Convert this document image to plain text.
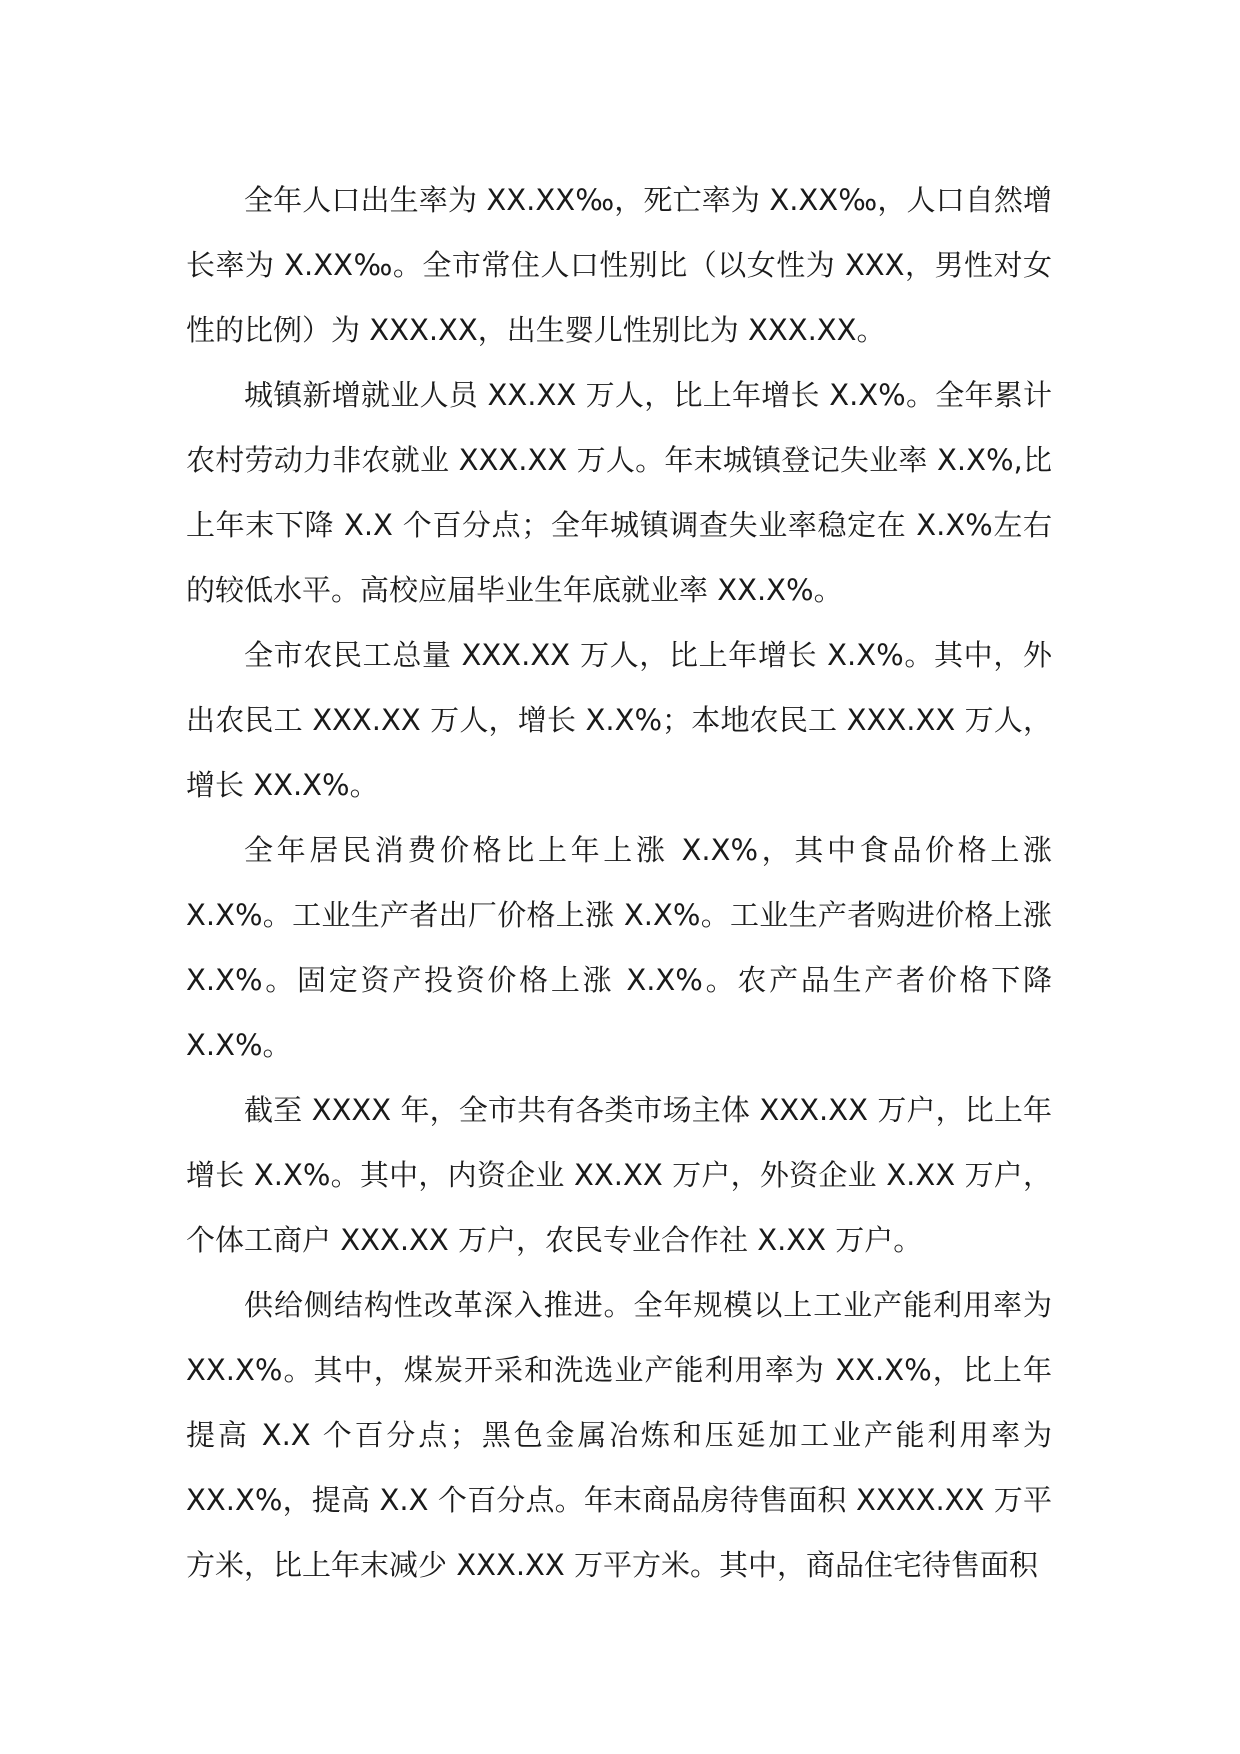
全年人口出生率为 XX.XX‰，死亡率为 X.XX‰，人口自然增长率为 X.XX‰。全市常住人口性别比（以女性为 XXX，男性对女性的比例）为 XXX.XX，出生婴儿性别比为 XXX.XX。

城镇新增就业人员 XX.XX 万人，比上年增长 X.X%。全年累计农村劳动力非农就业 XXX.XX 万人。年末城镇登记失业率 X.X%,比上年末下降 X.X 个百分点；全年城镇调查失业率稳定在 X.X%左右的较低水平。高校应届毕业生年底就业率 XX.X%。

全市农民工总量 XXX.XX 万人，比上年增长 X.X%。其中，外出农民工 XXX.XX 万人，增长 X.X%；本地农民工 XXX.XX 万人，增长 XX.X%。

全年居民消费价格比上年上涨 X.X%，其中食品价格上涨 X.X%。工业生产者出厂价格上涨 X.X%。工业生产者购进价格上涨 X.X%。固定资产投资价格上涨 X.X%。农产品生产者价格下降 X.X%。

截至 XXXX 年，全市共有各类市场主体 XXX.XX 万户，比上年增长 X.X%。其中，内资企业 XX.XX 万户，外资企业 X.XX 万户，个体工商户 XXX.XX 万户，农民专业合作社 X.XX 万户。

供给侧结构性改革深入推进。全年规模以上工业产能利用率为 XX.X%。其中，煤炭开采和洗选业产能利用率为 XX.X%，比上年提高 X.X 个百分点；黑色金属冶炼和压延加工业产能利用率为 XX.X%，提高 X.X 个百分点。年末商品房待售面积 XXXX.XX 万平方米，比上年末减少 XXX.XX 万平方米。其中，商品住宅待售面积
